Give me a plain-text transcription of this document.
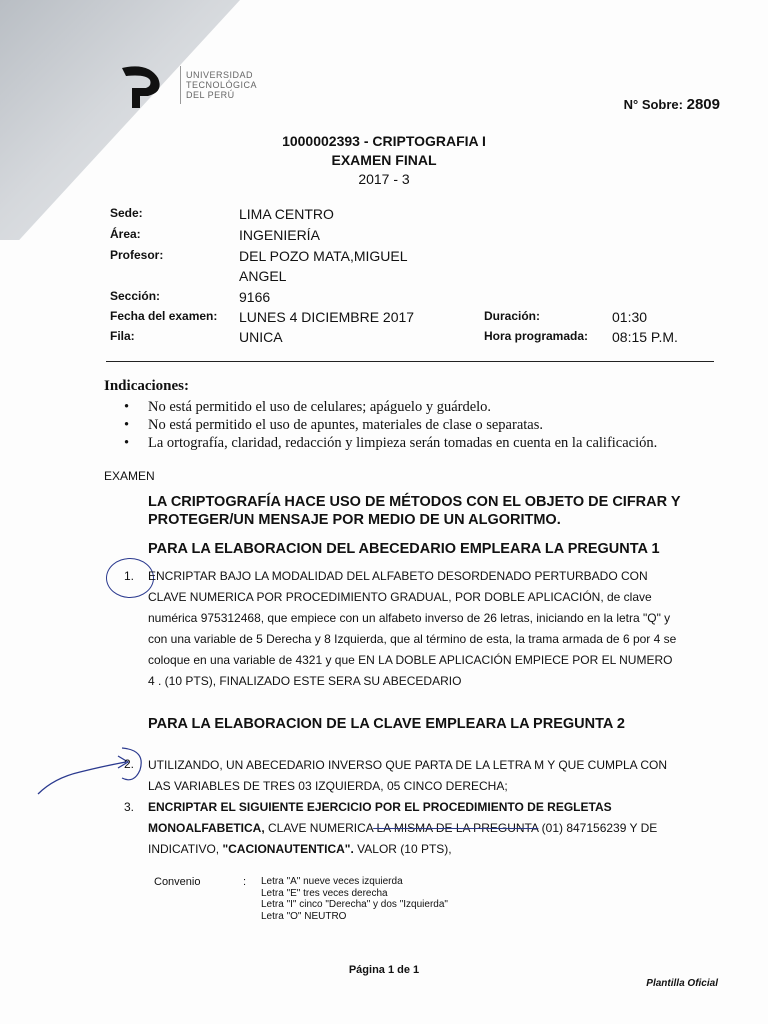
UNIVERSIDAD
TECNOLÓGICA
DEL PERÚ
N° Sobre: 2809
1000002393 - CRIPTOGRAFIA I
EXAMEN FINAL
2017 - 3
Sede:	LIMA CENTRO
Área:	INGENIERÍA
Profesor:	DEL POZO MATA,MIGUEL
ANGEL
Sección:	9166
Fecha del examen: LUNES 4 DICIEMBRE 2017
Fila:	UNICA
Duración:	01:30
Hora programada: 08:15 P.M.
Indicaciones:
• No está permitido el uso de celulares; apáguelo y guárdelo.
• No está permitido el uso de apuntes, materiales de clase o separatas.
• La ortografía, claridad, redacción y limpieza serán tomadas en cuenta en la calificación.
EXAMEN
LA CRIPTOGRAFÍA HACE USO DE MÉTODOS CON EL OBJETO DE CIFRAR Y
PROTEGER/UN MENSAJE POR MEDIO DE UN ALGORITMO.
PARA LA ELABORACION DEL ABECEDARIO EMPLEARA LA PREGUNTA 1
1. ENCRIPTAR BAJO LA MODALIDAD DEL ALFABETO DESORDENADO PERTURBADO CON
CLAVE NUMERICA POR PROCEDIMIENTO GRADUAL, POR DOBLE APLICACIÓN, de clave
numérica 975312468, que empiece con un alfabeto inverso de 26 letras, iniciando en la letra "Q" y
con una variable de 5 Derecha y 8 Izquierda, que al término de esta, la trama armada de 6 por 4 se
coloque en una variable de 4321 y que EN LA DOBLE APLICACIÓN EMPIECE POR EL NUMERO
4 . (10 PTS), FINALIZADO ESTE SERA SU ABECEDARIO
PARA LA ELABORACION DE LA CLAVE EMPLEARA LA PREGUNTA 2
2. UTILIZANDO, UN ABECEDARIO INVERSO QUE PARTA DE LA LETRA M Y QUE CUMPLA CON
LAS VARIABLES DE TRES 03 IZQUIERDA, 05 CINCO DERECHA;
3. ENCRIPTAR EL SIGUIENTE EJERCICIO POR EL PROCEDIMIENTO DE REGLETAS
MONOALFABETICA, CLAVE NUMERICA LA MISMA DE LA PREGUNTA (01) 847156239 Y DE
INDICATIVO, "CACIONAUTENTICA". VALOR (10 PTS),
Convenio	: Letra "A" nueve veces izquierda
Letra "E" tres veces derecha
Letra "I" cinco "Derecha" y dos "Izquierda"
Letra "O" NEUTRO
Página 1 de 1
Plantilla Oficial
